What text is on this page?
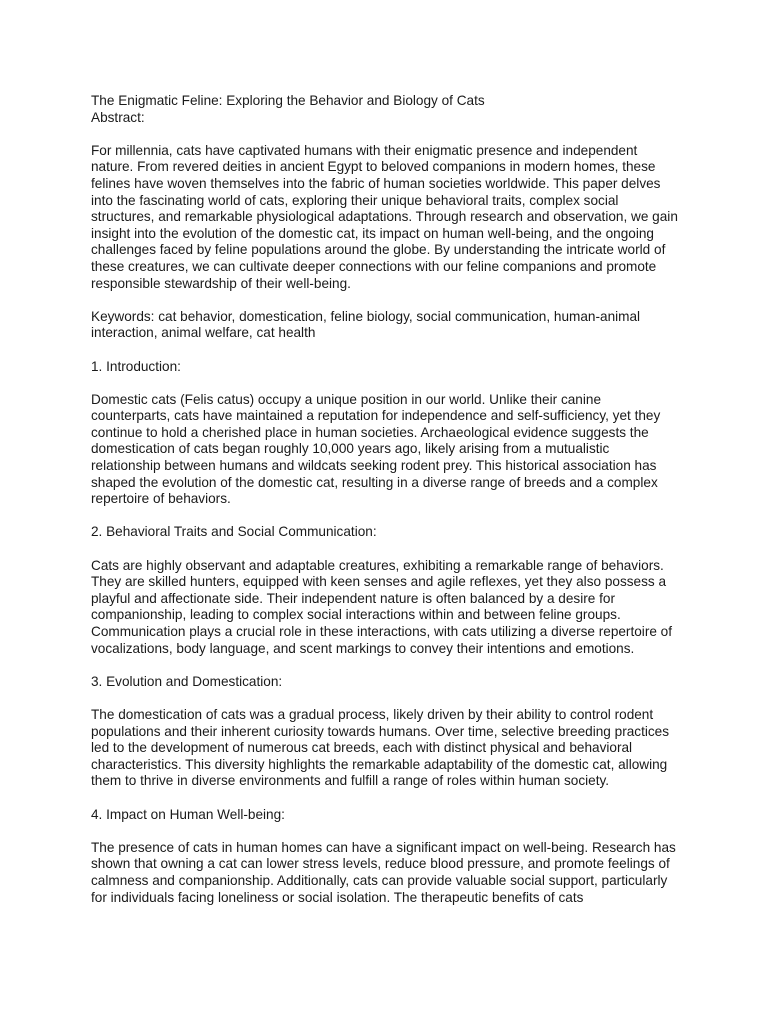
The Enigmatic Feline: Exploring the Behavior and Biology of Cats
Abstract:

For millennia, cats have captivated humans with their enigmatic presence and independent nature. From revered deities in ancient Egypt to beloved companions in modern homes, these felines have woven themselves into the fabric of human societies worldwide. This paper delves into the fascinating world of cats, exploring their unique behavioral traits, complex social structures, and remarkable physiological adaptations. Through research and observation, we gain insight into the evolution of the domestic cat, its impact on human well-being, and the ongoing challenges faced by feline populations around the globe. By understanding the intricate world of these creatures, we can cultivate deeper connections with our feline companions and promote responsible stewardship of their well-being.

Keywords: cat behavior, domestication, feline biology, social communication, human-animal interaction, animal welfare, cat health

1. Introduction:

Domestic cats (Felis catus) occupy a unique position in our world. Unlike their canine counterparts, cats have maintained a reputation for independence and self-sufficiency, yet they continue to hold a cherished place in human societies. Archaeological evidence suggests the domestication of cats began roughly 10,000 years ago, likely arising from a mutualistic relationship between humans and wildcats seeking rodent prey. This historical association has shaped the evolution of the domestic cat, resulting in a diverse range of breeds and a complex repertoire of behaviors.

2. Behavioral Traits and Social Communication:

Cats are highly observant and adaptable creatures, exhibiting a remarkable range of behaviors. They are skilled hunters, equipped with keen senses and agile reflexes, yet they also possess a playful and affectionate side. Their independent nature is often balanced by a desire for companionship, leading to complex social interactions within and between feline groups. Communication plays a crucial role in these interactions, with cats utilizing a diverse repertoire of vocalizations, body language, and scent markings to convey their intentions and emotions.

3. Evolution and Domestication:

The domestication of cats was a gradual process, likely driven by their ability to control rodent populations and their inherent curiosity towards humans. Over time, selective breeding practices led to the development of numerous cat breeds, each with distinct physical and behavioral characteristics. This diversity highlights the remarkable adaptability of the domestic cat, allowing them to thrive in diverse environments and fulfill a range of roles within human society.

4. Impact on Human Well-being:

The presence of cats in human homes can have a significant impact on well-being. Research has shown that owning a cat can lower stress levels, reduce blood pressure, and promote feelings of calmness and companionship. Additionally, cats can provide valuable social support, particularly for individuals facing loneliness or social isolation. The therapeutic benefits of cats
